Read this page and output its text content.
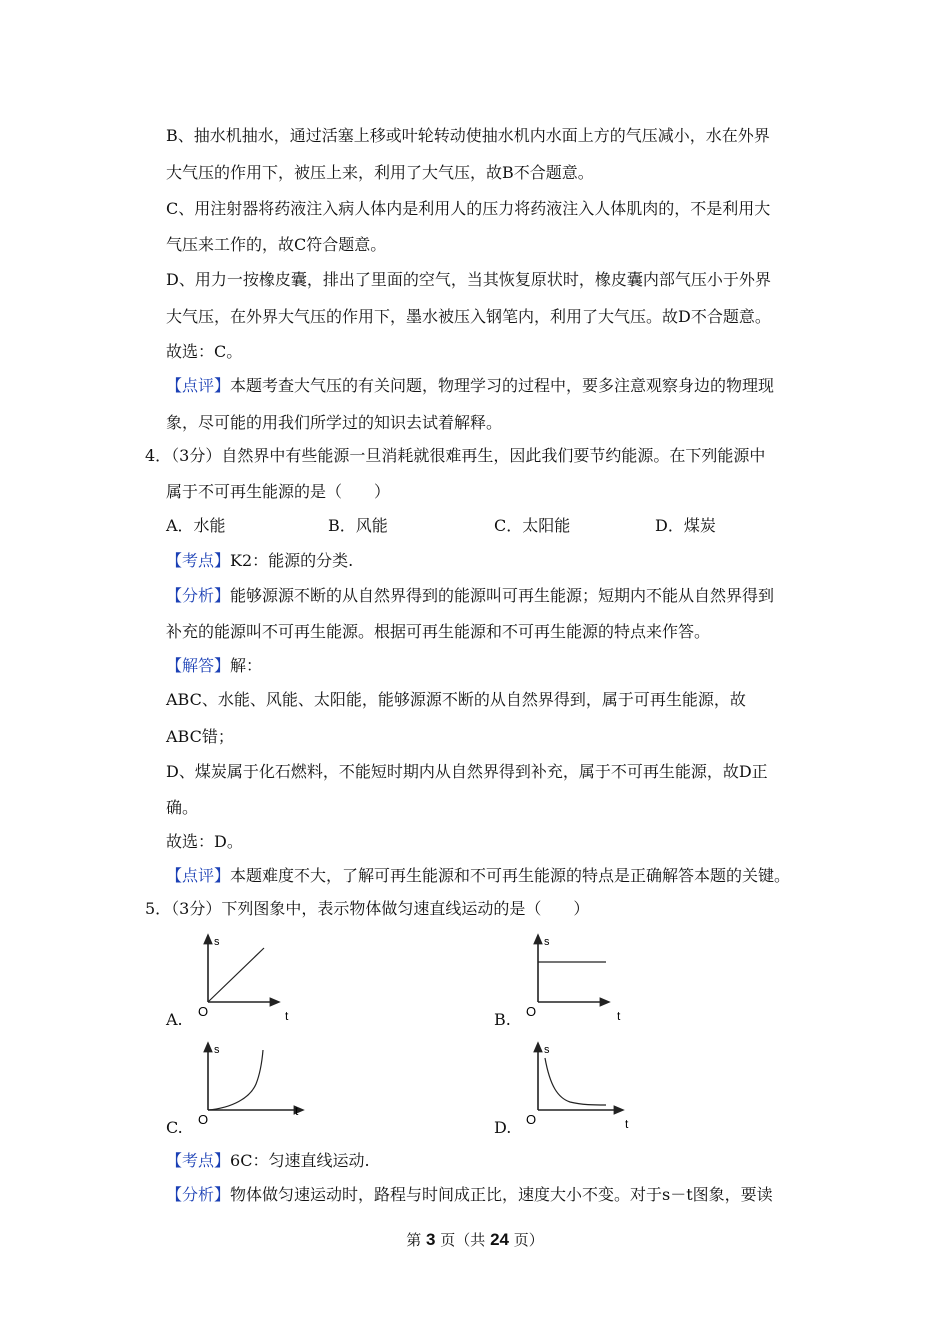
B、抽水机抽水，通过活塞上移或叶轮转动使抽水机内水面上方的气压减小，水在外界
大气压的作用下，被压上来，利用了大气压，故B不合题意。
C、用注射器将药液注入病人体内是利用人的压力将药液注入人体肌肉的，不是利用大
气压来工作的，故C符合题意。
D、用力一按橡皮囊，排出了里面的空气，当其恢复原状时，橡皮囊内部气压小于外界
大气压，在外界大气压的作用下，墨水被压入钢笔内，利用了大气压。故D不合题意。
故选：C。
【点评】本题考查大气压的有关问题，物理学习的过程中，要多注意观察身边的物理现
象，尽可能的用我们所学过的知识去试着解释。
4．（3分）自然界中有些能源一旦消耗就很难再生，因此我们要节约能源。在下列能源中
属于不可再生能源的是（　　）
A．水能	B．风能	C．太阳能	D．煤炭
【考点】K2：能源的分类.
【分析】能够源源不断的从自然界得到的能源叫可再生能源；短期内不能从自然界得到
补充的能源叫不可再生能源。根据可再生能源和不可再生能源的特点来作答。
【解答】解：
ABC、水能、风能、太阳能，能够源源不断的从自然界得到，属于可再生能源，故
ABC错；
D、煤炭属于化石燃料，不能短时期内从自然界得到补充，属于不可再生能源，故D正
确。
故选：D。
【点评】本题难度不大，了解可再生能源和不可再生能源的特点是正确解答本题的关键。
5．（3分）下列图象中，表示物体做匀速直线运动的是（　　）
A.
s
t
O	B.
s
t
O
C.
s
t
O	D.
s
t
O
【考点】6C：匀速直线运动.
【分析】物体做匀速运动时，路程与时间成正比，速度大小不变。对于s－t图象，要读
第 3 页（共 24 页）
